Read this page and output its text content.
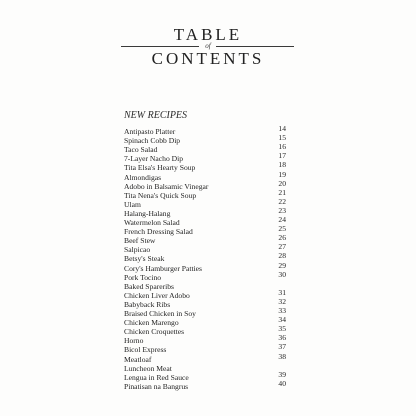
TABLE
of
CONTENTS
NEW RECIPES
Antipasto Platter	14
Spinach Cobb Dip	15
Taco Salad	16
7-Layer Nacho Dip	17
Tita Elsa's Hearty Soup	18
Almondigas	19
Adobo in Balsamic Vinegar	20
Tita Nena's Quick Soup	21
Ulam	22
Halang-Halang	23
Watermelon Salad	24
French Dressing Salad	25
Beef Stew	26
Salpicao	27
Betsy's Steak	28
Cory's Hamburger Patties	29
Pork Tocino	30
Baked Spareribs
Chicken Liver Adobo	31
Babyback Ribs	32
Braised Chicken in Soy	33
Chicken Marengo	34
Chicken Croquettes	35
Horno	36
Bicol Express	37
Meatloaf	38
Luncheon Meat
Lengua in Red Sauce	39
Pinatisan na Bangrus	40
